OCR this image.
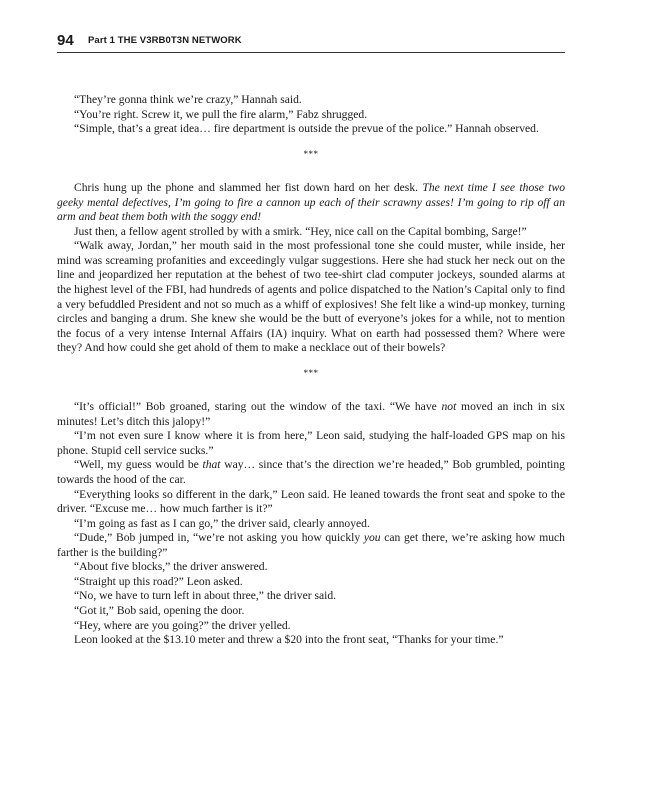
94 Part 1 THE V3RB0T3N NETWORK

“They’re gonna think we’re crazy,” Hannah said.

“You’re right. Screw it, we pull the fire alarm,” Fabz shrugged.

“Simple, that’s a great idea… fire department is outside the prevue of the police.” Hannah observed.

***

Chris hung up the phone and slammed her fist down hard on her desk. The next time I see those two geeky mental defectives, I’m going to fire a cannon up each of their scrawny asses! I’m going to rip off an arm and beat them both with the soggy end!

Just then, a fellow agent strolled by with a smirk. “Hey, nice call on the Capital bombing, Sarge!”

“Walk away, Jordan,” her mouth said in the most professional tone she could muster, while inside, her mind was screaming profanities and exceedingly vulgar suggestions. Here she had stuck her neck out on the line and jeopardized her reputation at the behest of two tee-shirt clad computer jockeys, sounded alarms at the highest level of the FBI, had hundreds of agents and police dispatched to the Nation’s Capital only to find a very befuddled President and not so much as a whiff of explosives! She felt like a wind-up monkey, turning circles and banging a drum. She knew she would be the butt of everyone’s jokes for a while, not to mention the focus of a very intense Internal Affairs (IA) inquiry. What on earth had possessed them? Where were they? And how could she get ahold of them to make a necklace out of their bowels?

***

“It’s official!” Bob groaned, staring out the window of the taxi. “We have not moved an inch in six minutes! Let’s ditch this jalopy!”

“I’m not even sure I know where it is from here,” Leon said, studying the half-loaded GPS map on his phone. Stupid cell service sucks.”

“Well, my guess would be that way… since that’s the direction we’re headed,” Bob grumbled, pointing towards the hood of the car.

“Everything looks so different in the dark,” Leon said. He leaned towards the front seat and spoke to the driver. “Excuse me… how much farther is it?”

“I’m going as fast as I can go,” the driver said, clearly annoyed.

“Dude,” Bob jumped in, “we’re not asking you how quickly you can get there, we’re asking how much farther is the building?”

“About five blocks,” the driver answered.

“Straight up this road?” Leon asked.

“No, we have to turn left in about three,” the driver said.

“Got it,” Bob said, opening the door.

“Hey, where are you going?” the driver yelled.

Leon looked at the $13.10 meter and threw a $20 into the front seat, “Thanks for your time.”
